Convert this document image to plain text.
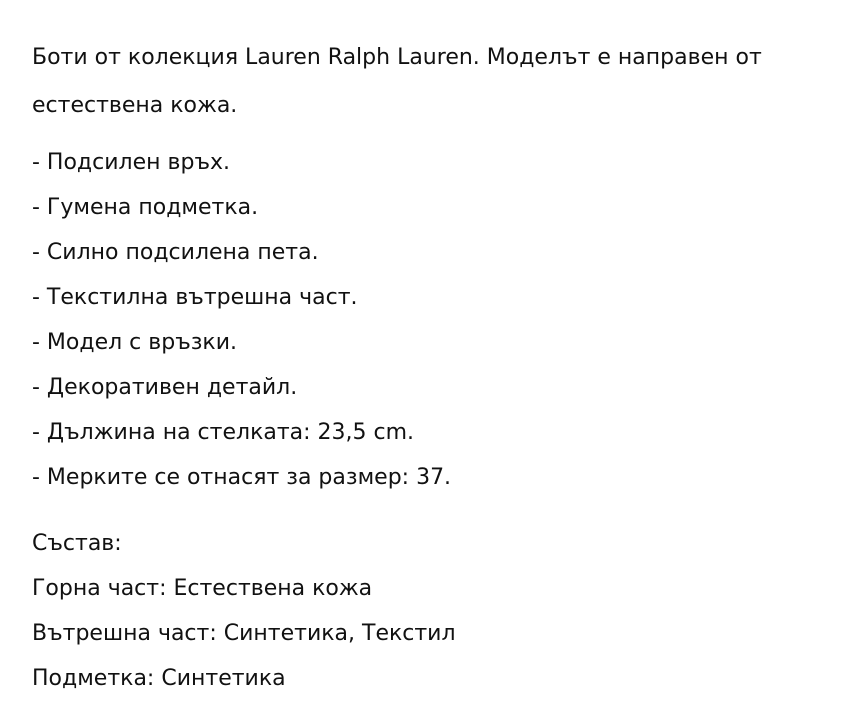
Боти от колекция Lauren Ralph Lauren. Моделът е направен от естествена кожа.

- Подсилен връх.
- Гумена подметка.
- Силно подсилена пета.
- Текстилна вътрешна част.
- Модел с връзки.
- Декоративен детайл.
- Дължина на стелката: 23,5 cm.
- Мерките се отнасят за размер: 37.
Състав:
Горна част: Естествена кожа
Вътрешна част: Синтетика, Текстил
Подметка: Синтетика
